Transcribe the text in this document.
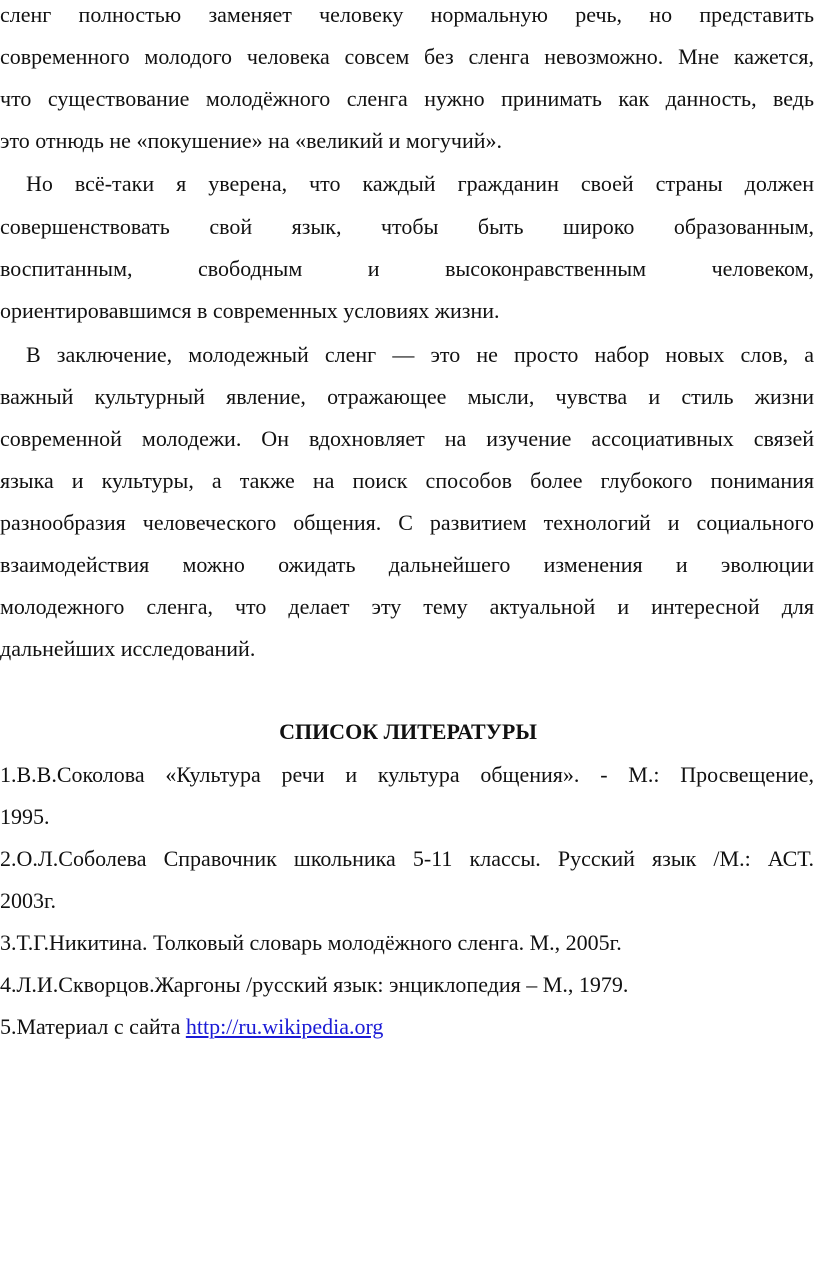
сленг полностью заменяет человеку нормальную речь, но представить
современного молодого человека совсем без сленга невозможно. Мне кажется,
что существование молодёжного сленга нужно принимать как данность, ведь
это отнюдь не «покушение» на «великий и могучий».
Но всё-таки я уверена, что каждый гражданин своей страны должен
совершенствовать свой язык, чтобы быть широко образованным,
воспитанным, свободным и высоконравственным человеком,
ориентировавшимся в современных условиях жизни.
В заключение, молодежный сленг — это не просто набор новых слов, а
важный культурный явление, отражающее мысли, чувства и стиль жизни
современной молодежи. Он вдохновляет на изучение ассоциативных связей
языка и культуры, а также на поиск способов более глубокого понимания
разнообразия человеческого общения. С развитием технологий и социального
взаимодействия можно ожидать дальнейшего изменения и эволюции
молодежного сленга, что делает эту тему актуальной и интересной для
дальнейших исследований.
СПИСОК ЛИТЕРАТУРЫ
1.В.В.Соколова «Культура речи и культура общения». - М.: Просвещение,
1995.
2.О.Л.Соболева Справочник школьника 5-11 классы. Русский язык /М.: АСТ.
2003г.
3.Т.Г.Никитина. Толковый словарь молодёжного сленга. М., 2005г.
4.Л.И.Скворцов.Жаргоны /русский язык: энциклопедия – М., 1979.
5.Материал с сайта http://ru.wikipedia.org
